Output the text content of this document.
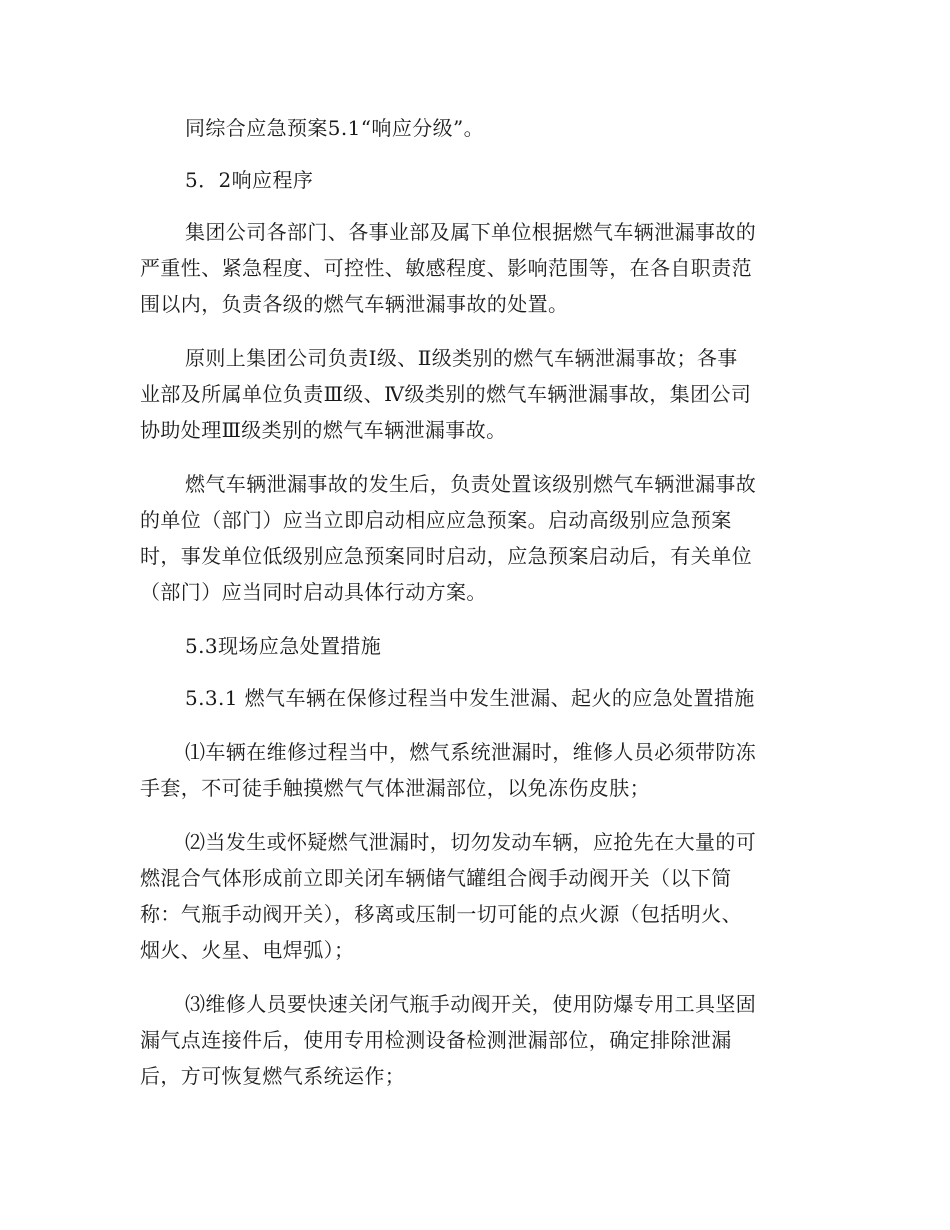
同综合应急预案5.1“响应分级”。
5．2响应程序
集团公司各部门、各事业部及属下单位根据燃气车辆泄漏事故的
严重性、紧急程度、可控性、敏感程度、影响范围等，在各自职责范
围以内，负责各级的燃气车辆泄漏事故的处置。
原则上集团公司负责Ⅰ级、Ⅱ级类别的燃气车辆泄漏事故；各事
业部及所属单位负责Ⅲ级、Ⅳ级类别的燃气车辆泄漏事故，集团公司
协助处理Ⅲ级类别的燃气车辆泄漏事故。
燃气车辆泄漏事故的发生后，负责处置该级别燃气车辆泄漏事故
的单位（部门）应当立即启动相应应急预案。启动高级别应急预案
时，事发单位低级别应急预案同时启动，应急预案启动后，有关单位
（部门）应当同时启动具体行动方案。
5.3现场应急处置措施
5.3.1 燃气车辆在保修过程当中发生泄漏、起火的应急处置措施
⑴车辆在维修过程当中，燃气系统泄漏时，维修人员必须带防冻
手套，不可徒手触摸燃气气体泄漏部位，以免冻伤皮肤；
⑵当发生或怀疑燃气泄漏时，切勿发动车辆，应抢先在大量的可
燃混合气体形成前立即关闭车辆储气罐组合阀手动阀开关（以下简
称：气瓶手动阀开关），移离或压制一切可能的点火源（包括明火、
烟火、火星、电焊弧）；
⑶维修人员要快速关闭气瓶手动阀开关，使用防爆专用工具坚固
漏气点连接件后，使用专用检测设备检测泄漏部位，确定排除泄漏
后，方可恢复燃气系统运作；
